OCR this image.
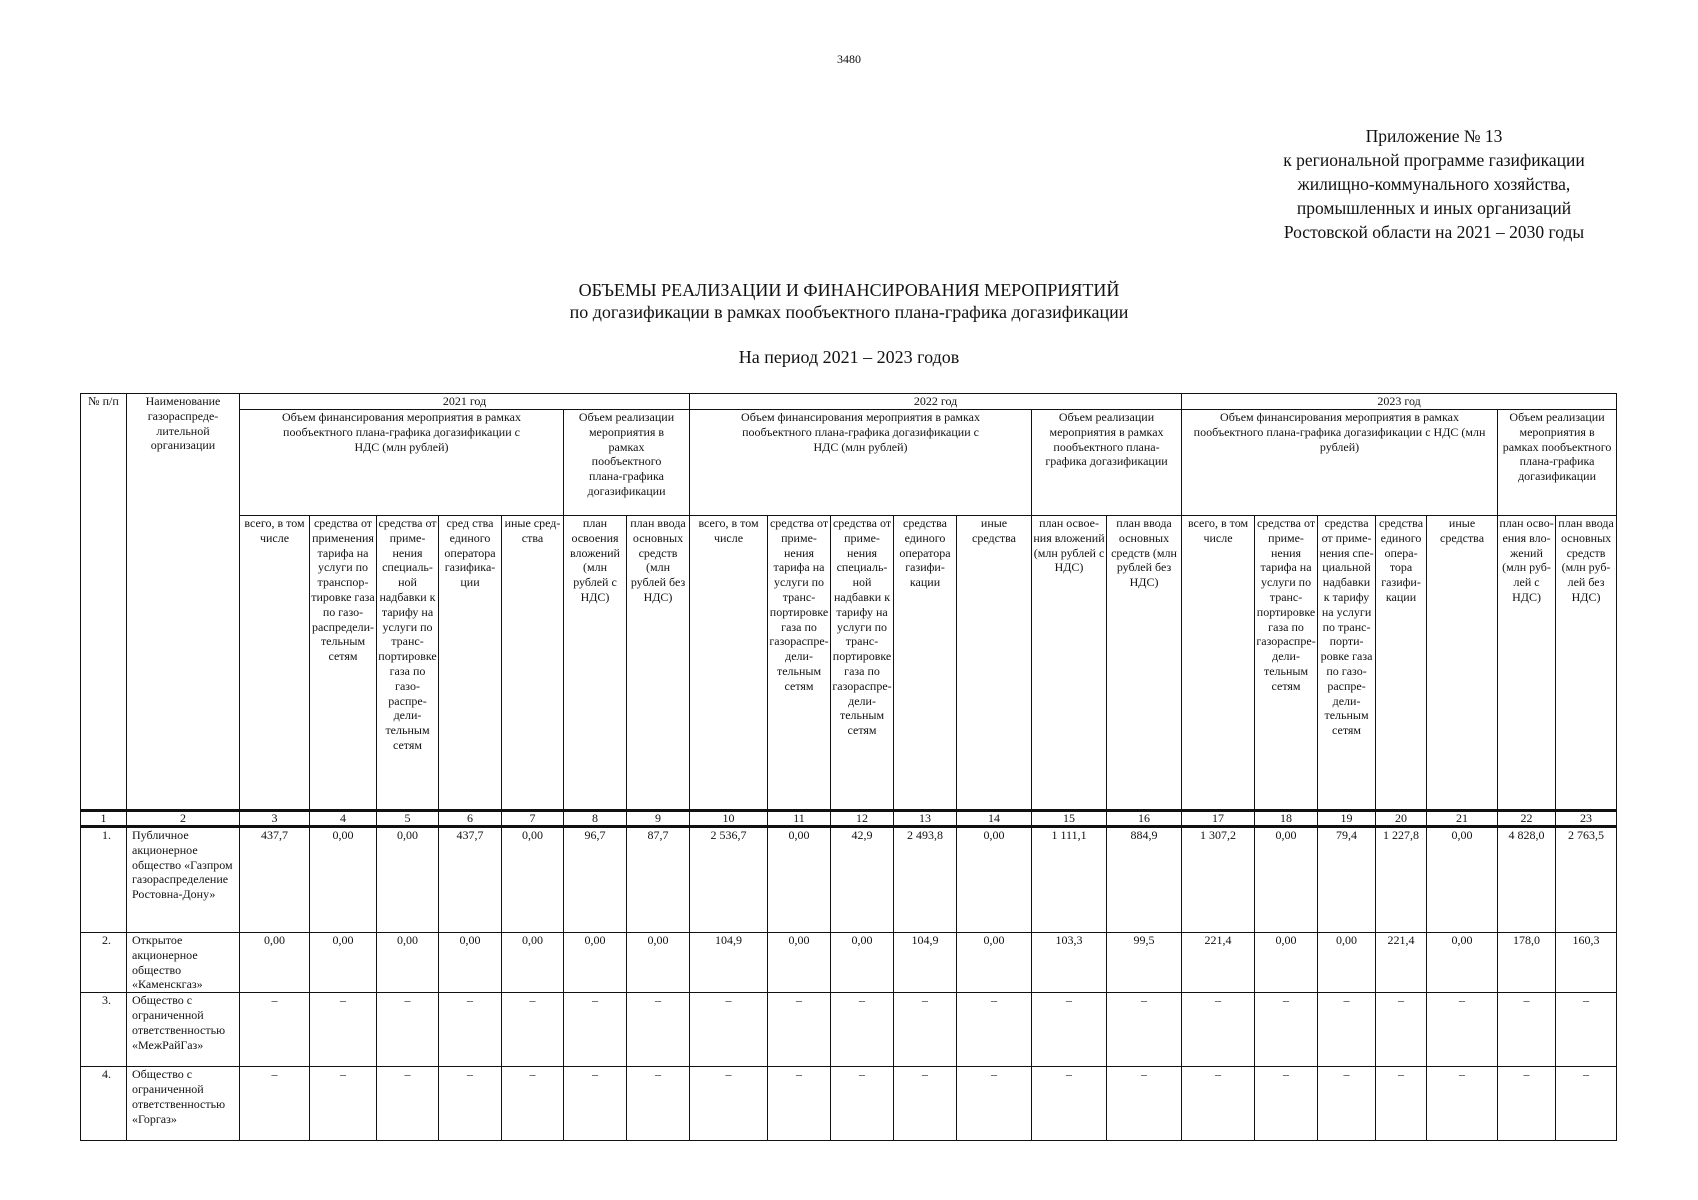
3480
Приложение № 13
к региональной программе газификации
жилищно-коммунального хозяйства,
промышленных и иных организаций
Ростовской области на 2021 – 2030 годы
ОБЪЕМЫ РЕАЛИЗАЦИИ И ФИНАНСИРОВАНИЯ МЕРОПРИЯТИЙ
по догазификации в рамках пообъектного плана-графика догазификации
На период 2021 – 2023 годов
№ п/п	Наименование газораспределительной организации	2021 год							2022 год							2023 год						
		Объем финансирования мероприятия в рамках пообъектного плана-графика догазификации с НДС (млн рублей)					Объем реализации мероприятия в рамках пообъектного плана-графика догазификации		Объем финансирования мероприятия в рамках пообъектного плана-графика догазификации с НДС (млн рублей)					Объем реализации мероприятия в рамках пообъектного плана-графика догазификации		Объем финансирования мероприятия в рамках пообъектного плана-графика догазификации с НДС (млн рублей)					Объем реализации мероприятия в рамках пообъектного плана-графика догазификации	
		всего, в том числе	средства от применения тарифа на услуги по транспортировке газа по газораспределительным сетям	средства от применения специальной надбавки к тарифу на услуги по транспортировке газа по газораспределительным сетям	сред ства единого оператора газификации	иные средства	план освоения вложений (млн рублей с НДС)	план ввода основных средств (млн рублей без НДС)	всего, в том числе	средства от применения тарифа на услуги по транспортировке газа по газораспределительным сетям	средства от применения специальной надбавки к тарифу на услуги по транспортировке газа по газораспределительным сетям	средства единого оператора газификации	иные средства	план освоения вложений (млн рублей с НДС)	план ввода основных средств (млн рублей без НДС)	всего, в том числе	средства от применения тарифа на услуги по транспортировке газа по газораспределительным сетям	средства от применения специальной надбавки к тарифу на услуги по транспортировке газа по газораспределительным сетям	средства единого оператора газификации	иные средства	план освоения вложений (млн рублей с НДС)	план ввода основных средств (млн руб-лей без НДС)
1	2	3	4	5	6	7	8	9	10	11	12	13	14	15	16	17	18	19	20	21	22	23
1.	Публичное акционерное общество «Газпром газораспределение Ростовна-Дону»	437,7	0,00	0,00	437,7	0,00	96,7	87,7	2 536,7	0,00	42,9	2 493,8	0,00	1 111,1	884,9	1 307,2	0,00	79,4	1 227,8	0,00	4 828,0	2 763,5
2.	Открытое акционерное общество «Каменскгаз»	0,00	0,00	0,00	0,00	0,00	0,00	0,00	104,9	0,00	0,00	104,9	0,00	103,3	99,5	221,4	0,00	0,00	221,4	0,00	178,0	160,3
3.	Общество с ограниченной ответственностью «МежРайГаз»	–	–	–	–	–	–	–	–	–	–	–	–	–	–	–	–	–	–	–	–	–
4.	Общество с ограниченной ответственностью «Горгаз»	–	–	–	–	–	–	–	–	–	–	–	–	–	–	–	–	–	–	–	–	–
